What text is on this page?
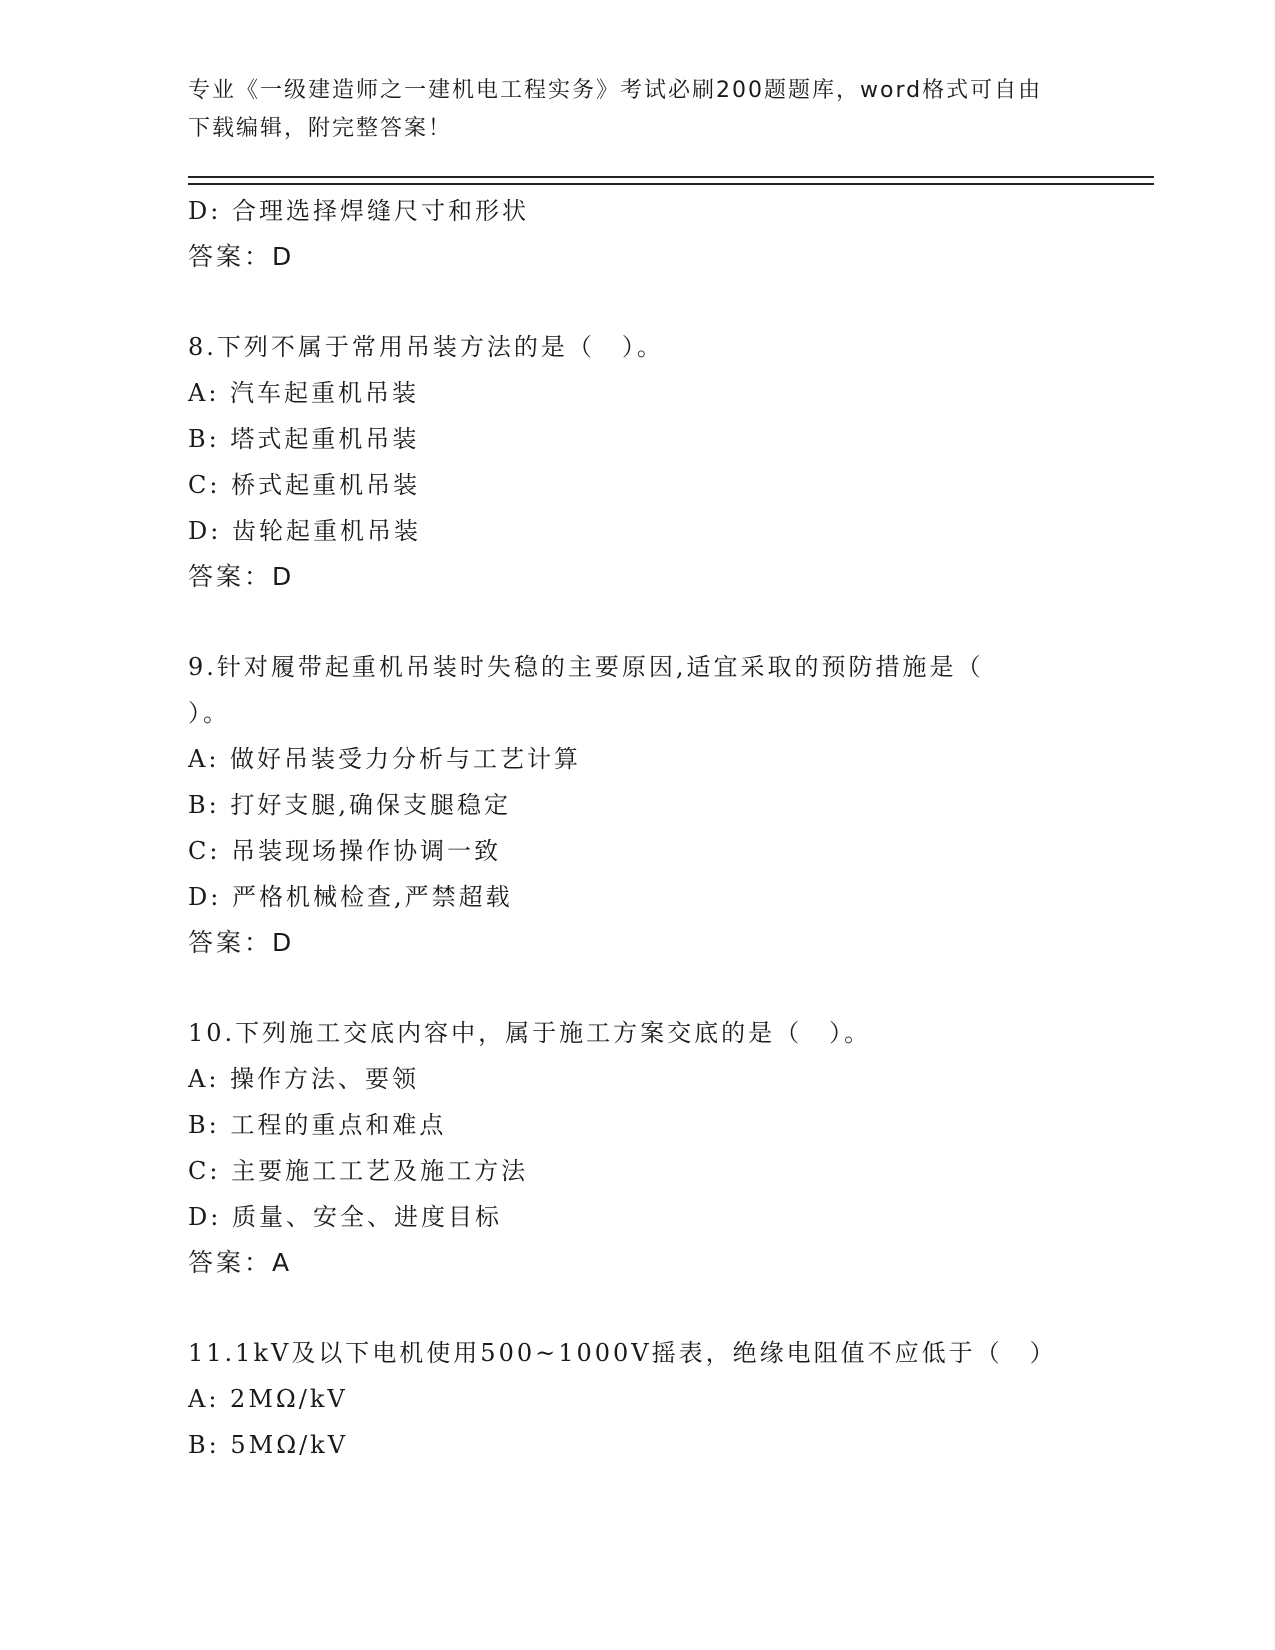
专业《一级建造师之一建机电工程实务》考试必刷200题题库，word格式可自由
下载编辑，附完整答案！
D: 合理选择焊缝尺寸和形状
答案：D
8.下列不属于常用吊装方法的是（　）。
A: 汽车起重机吊装
B: 塔式起重机吊装
C: 桥式起重机吊装
D: 齿轮起重机吊装
答案：D
9.针对履带起重机吊装时失稳的主要原因,适宜采取的预防措施是（
）。
A: 做好吊装受力分析与工艺计算
B: 打好支腿,确保支腿稳定
C: 吊装现场操作协调一致
D: 严格机械检查,严禁超载
答案：D
10.下列施工交底内容中，属于施工方案交底的是（　）。
A: 操作方法、要领
B: 工程的重点和难点
C: 主要施工工艺及施工方法
D: 质量、安全、进度目标
答案：A
11.1kV及以下电机使用500~1000V摇表，绝缘电阻值不应低于（　）
A: 2MΩ/kV
B: 5MΩ/kV
